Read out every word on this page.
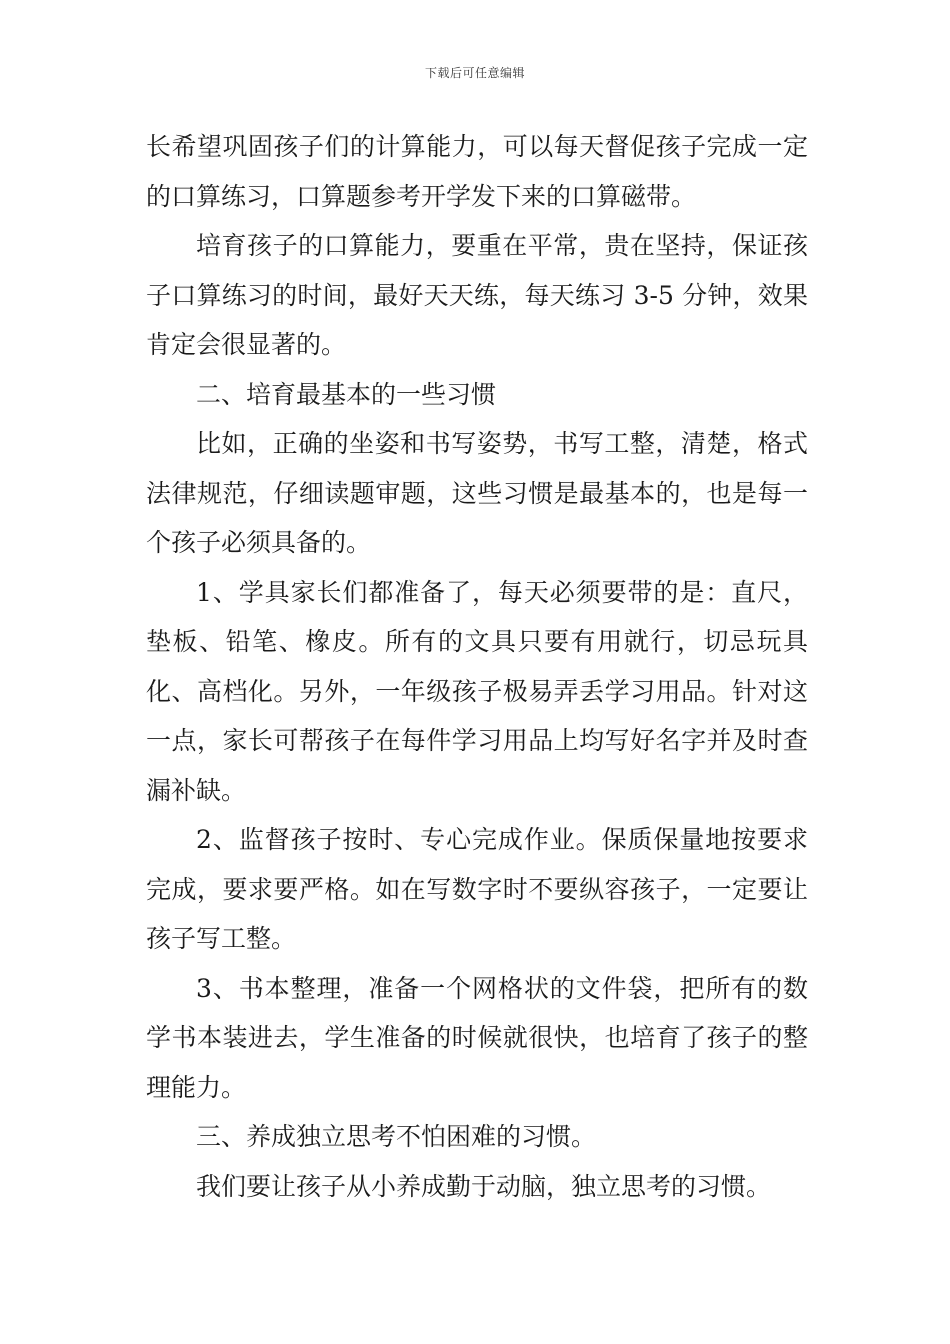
下载后可任意编辑

长希望巩固孩子们的计算能力，可以每天督促孩子完成一定的口算练习，口算题参考开学发下来的口算磁带。

培育孩子的口算能力，要重在平常，贵在坚持，保证孩子口算练习的时间，最好天天练，每天练习 3-5 分钟，效果肯定会很显著的。

二、培育最基本的一些习惯

比如，正确的坐姿和书写姿势，书写工整，清楚，格式法律规范，仔细读题审题，这些习惯是最基本的，也是每一个孩子必须具备的。

1、学具家长们都准备了，每天必须要带的是：直尺，垫板、铅笔、橡皮。所有的文具只要有用就行，切忌玩具化、高档化。另外，一年级孩子极易弄丢学习用品。针对这一点，家长可帮孩子在每件学习用品上均写好名字并及时查漏补缺。

2、监督孩子按时、专心完成作业。保质保量地按要求完成，要求要严格。如在写数字时不要纵容孩子，一定要让孩子写工整。

3、书本整理，准备一个网格状的文件袋，把所有的数学书本装进去，学生准备的时候就很快，也培育了孩子的整理能力。

三、养成独立思考不怕困难的习惯。

我们要让孩子从小养成勤于动脑，独立思考的习惯。
